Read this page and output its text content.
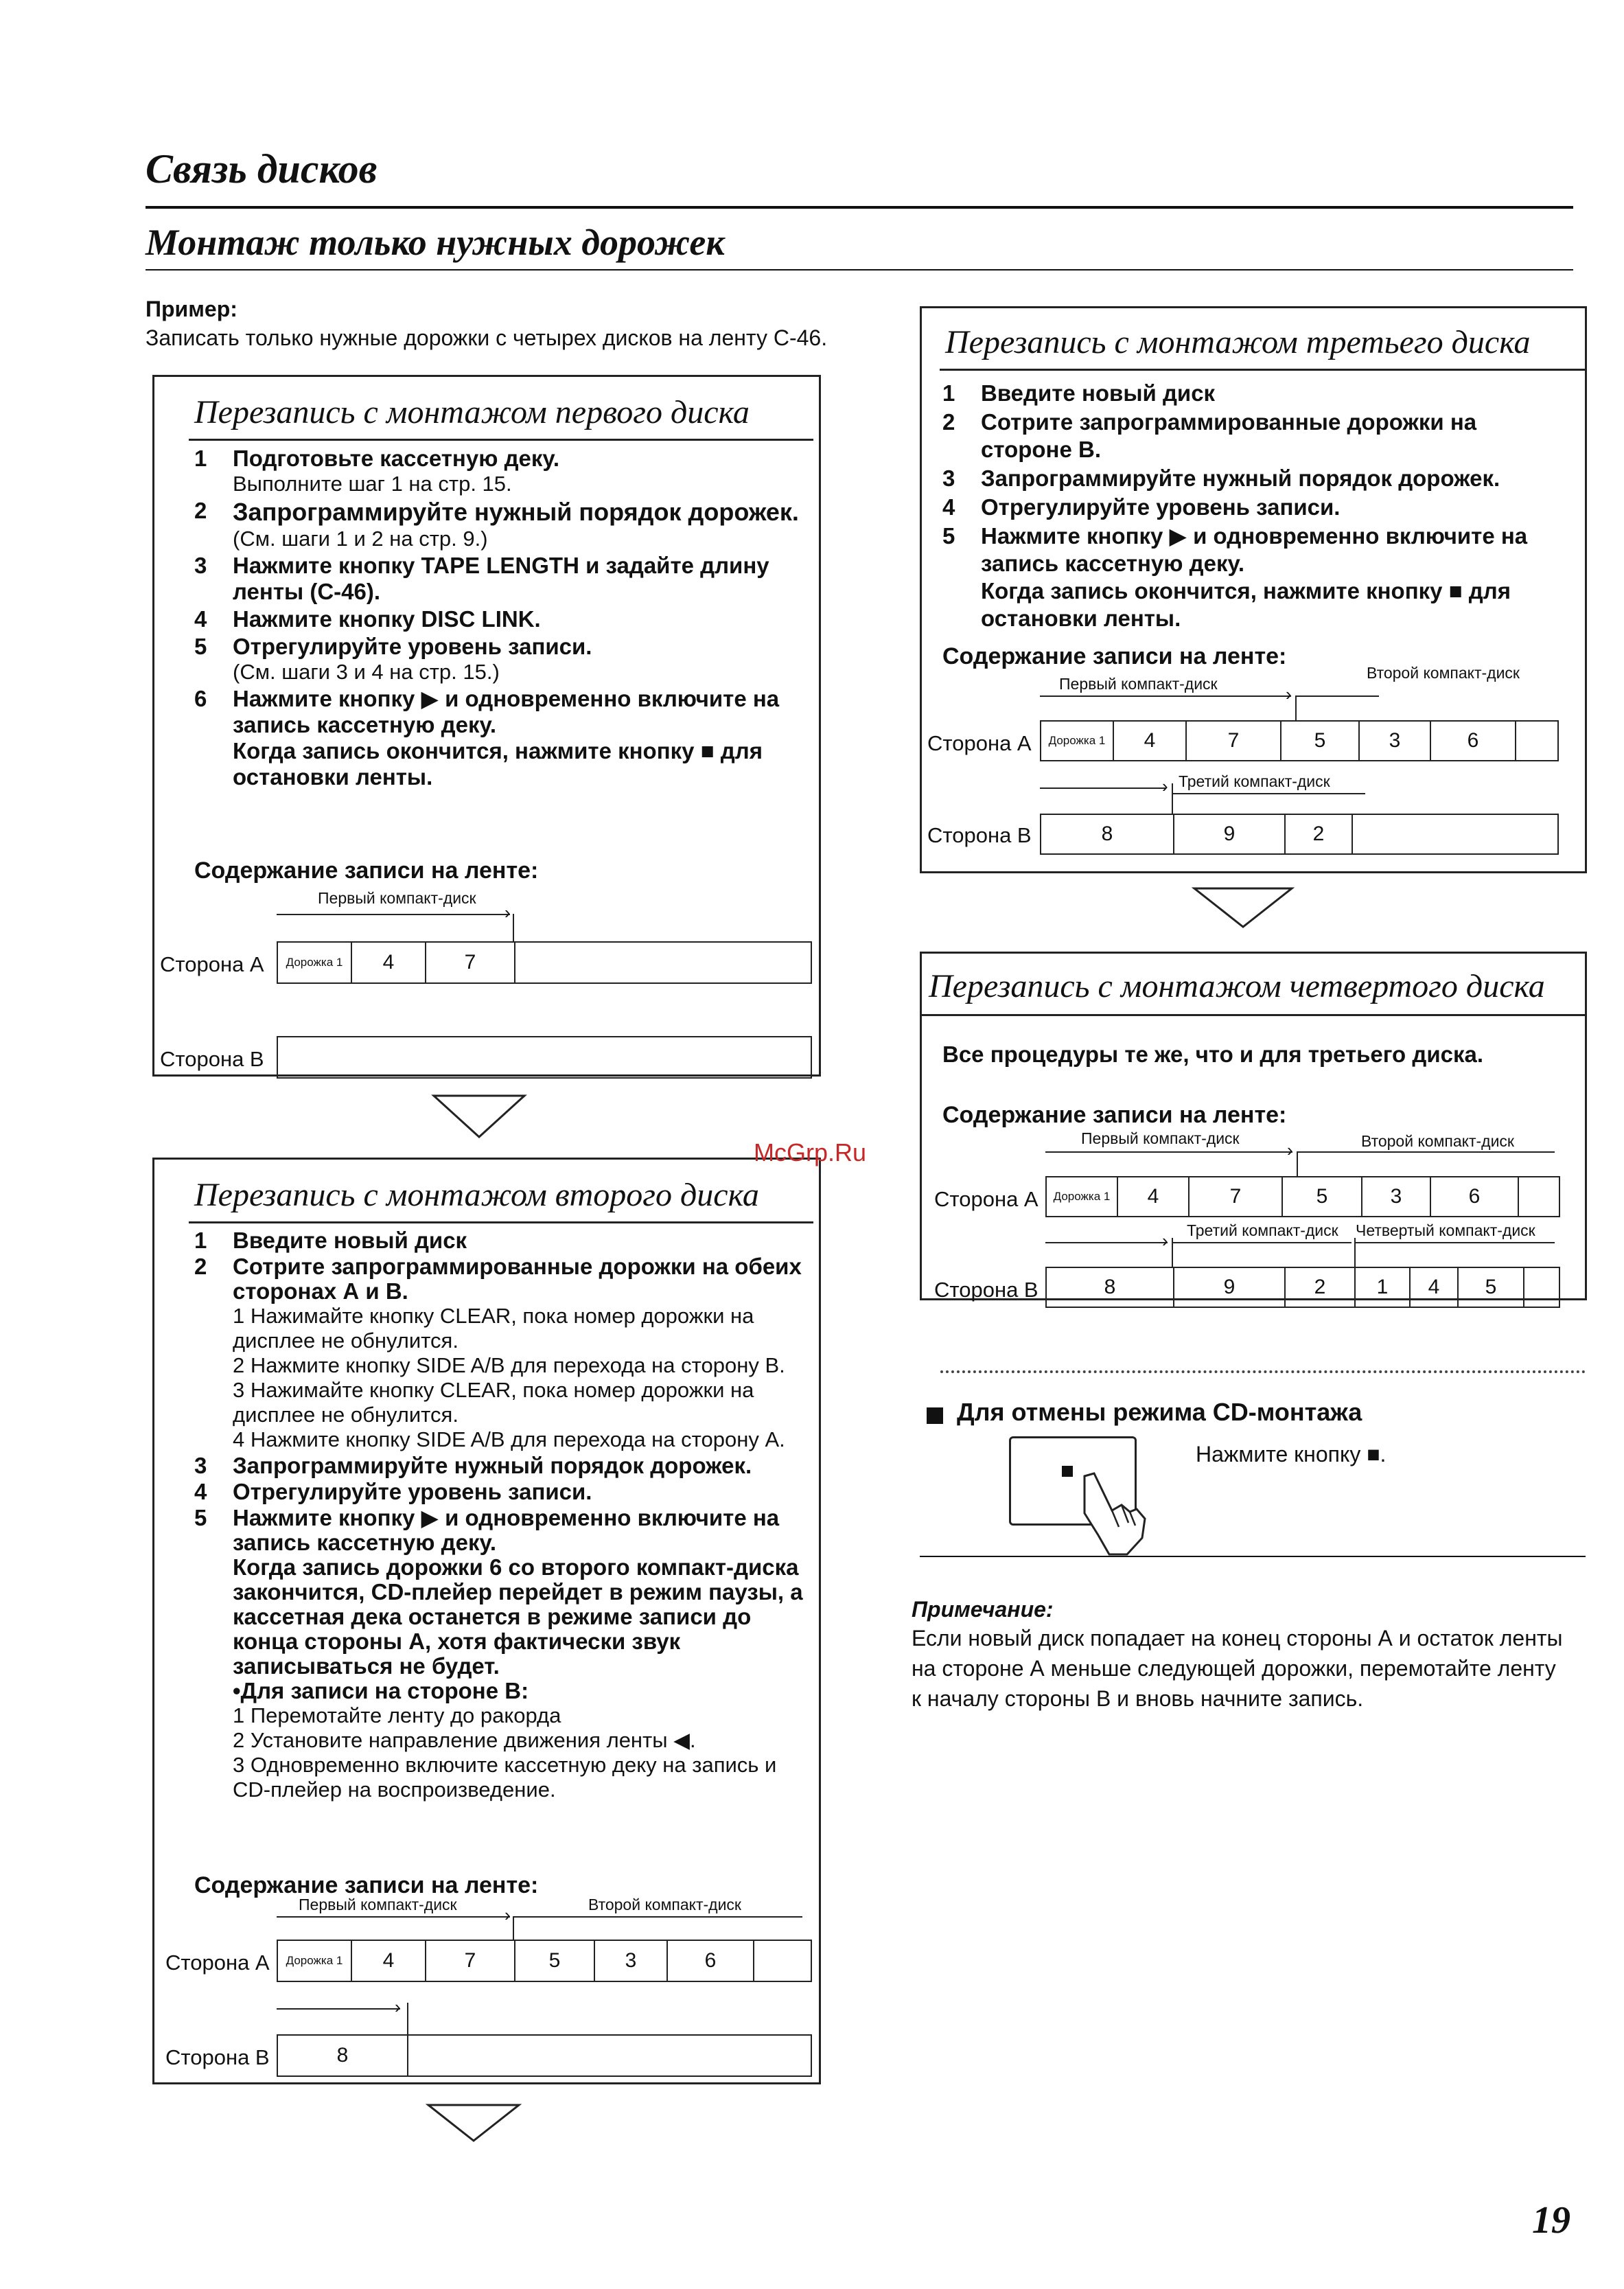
Связь дисков
Монтаж только нужных дорожек
Пример:
Записать только нужные дорожки с четырех дисков на ленту С-46.
Перезапись с монтажом первого диска
1	Подготовьте кассетную деку.
Выполните шаг 1 на стр. 15.
2	Запрограммируйте нужный порядок дорожек.
(См. шаги 1 и 2 на стр. 9.)
3	Нажмите кнопку TAPE LENGTH и задайте длину ленты (С-46).
4	Нажмите кнопку DISC LINK.
5	Отрегулируйте уровень записи.
(См. шаги 3 и 4 на стр. 15.)
6	Нажмите кнопку ▶ и одновременно включите на запись кассетную деку.
Когда запись окончится, нажмите кнопку ■ для остановки ленты.
Содержание записи на ленте:
Первый компакт-диск
›
Сторона А	Дорожка 1	4	7
Сторона В
Перезапись с монтажом второго диска
1	Введите новый диск
2	Сотрите запрограммированные дорожки на обеих сторонах А и В.
1 Нажимайте кнопку CLEAR, пока номер дорожки на дисплее не обнулится.
2 Нажмите кнопку SIDE A/B для перехода на сторону В.
3 Нажимайте кнопку CLEAR, пока номер дорожки на дисплее не обнулится.
4 Нажмите кнопку SIDE A/B для перехода на сторону А.
3	Запрограммируйте нужный порядок дорожек.
4	Отрегулируйте уровень записи.
5	Нажмите кнопку ▶ и одновременно включите на запись кассетную деку.
Когда запись дорожки 6 со второго компакт-диска закончится, CD-плейер перейдет в режим паузы, а кассетная дека останется в режиме записи до конца стороны А, хотя фактически звук записываться не будет.
•Для записи на стороне В:
1 Перемотайте ленту до ракорда
2 Установите направление движения ленты ◀.
3 Одновременно включите кассетную деку на запись и CD-плейер на воспроизведение.
Содержание записи на ленте:
Первый компакт-диск	›	Второй компакт-диск
Сторона А	Дорожка 1	4	7	5	3	6
›
Сторона В	8
Перезапись с монтажом третьего диска
1	Введите новый диск
2	Сотрите запрограммированные дорожки на стороне В.
3	Запрограммируйте нужный порядок дорожек.
4	Отрегулируйте уровень записи.
5	Нажмите кнопку ▶ и одновременно включите на запись кассетную деку.
Когда запись окончится, нажмите кнопку ■ для остановки ленты.
Содержание записи на ленте:
Первый компакт-диск	›
Второй компакт-диск
Сторона А	Дорожка 1	4	7	5	3	6
› Третий компакт-диск
Сторона В	8	9	2
Перезапись с монтажом четвертого диска
Все процедуры те же, что и для третьего диска.
Содержание записи на ленте:
Первый компакт-диск
›	Второй компакт-диск
Сторона А	Дорожка 1	4	7	5	3	6
› Третий компакт-диск Четвертый компакт-диск
Сторона В	8	9	2	1	4	5
McGrp.Ru
Для отмены режима CD-монтажа
Нажмите кнопку ■.
Примечание:
Если новый диск попадает на конец стороны А и остаток ленты на стороне А меньше следующей дорожки, перемотайте ленту к началу стороны В и вновь начните запись.
19
